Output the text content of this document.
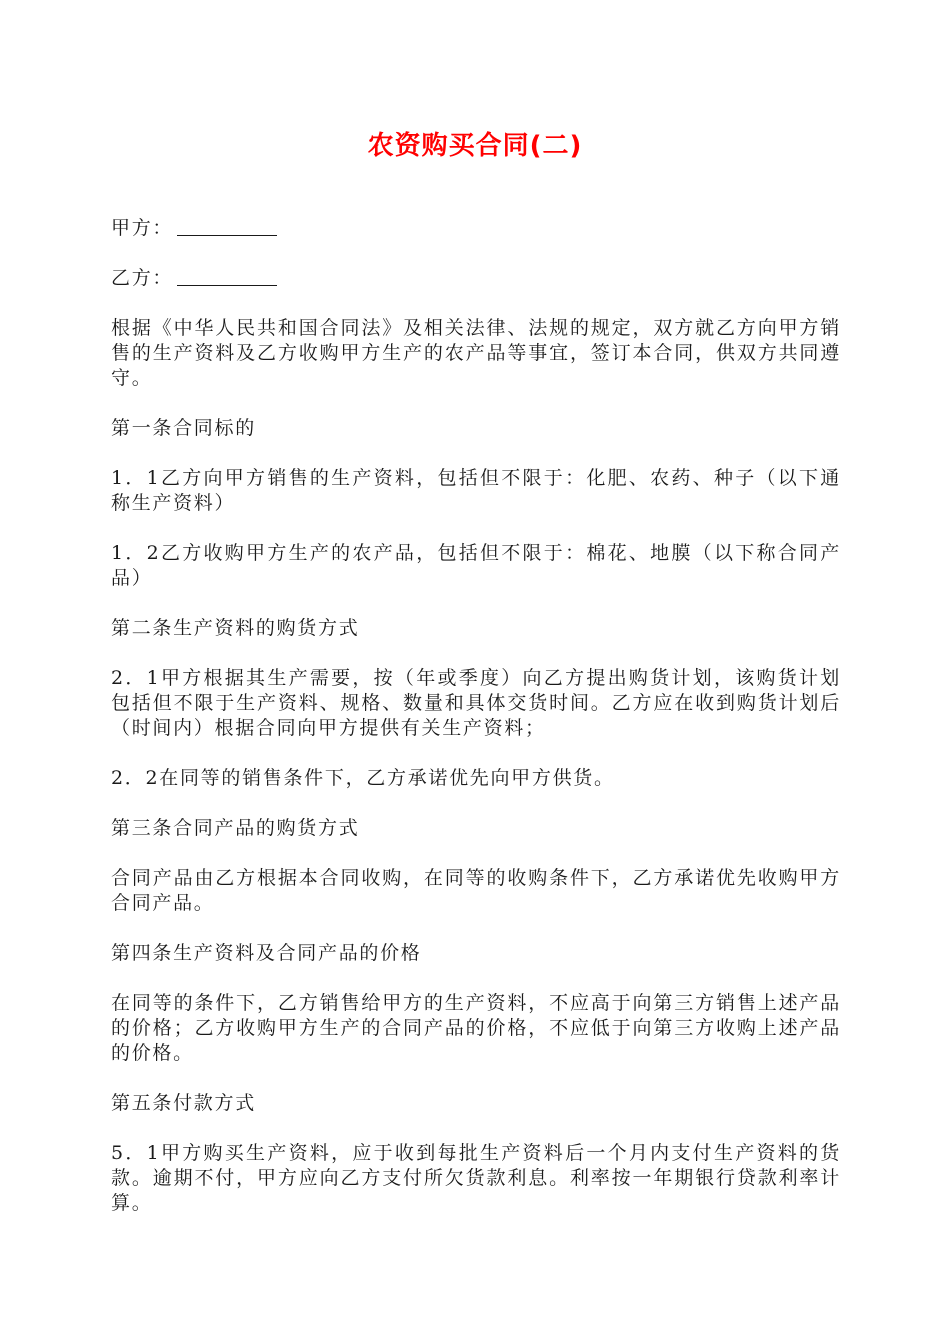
农资购买合同(二)
甲方：
乙方：

根据《中华人民共和国合同法》及相关法律、法规的规定，双方就乙方向甲方销售的生产资料及乙方收购甲方生产的农产品等事宜，签订本合同，供双方共同遵守。

第一条合同标的

1．1乙方向甲方销售的生产资料，包括但不限于：化肥、农药、种子（以下通称生产资料）

1．2乙方收购甲方生产的农产品，包括但不限于：棉花、地膜（以下称合同产品）

第二条生产资料的购货方式

2．1甲方根据其生产需要，按（年或季度）向乙方提出购货计划，该购货计划包括但不限于生产资料、规格、数量和具体交货时间。乙方应在收到购货计划后（时间内）根据合同向甲方提供有关生产资料；

2．2在同等的销售条件下，乙方承诺优先向甲方供货。

第三条合同产品的购货方式

合同产品由乙方根据本合同收购，在同等的收购条件下，乙方承诺优先收购甲方合同产品。

第四条生产资料及合同产品的价格

在同等的条件下，乙方销售给甲方的生产资料，不应高于向第三方销售上述产品的价格；乙方收购甲方生产的合同产品的价格，不应低于向第三方收购上述产品的价格。

第五条付款方式

5．1甲方购买生产资料，应于收到每批生产资料后一个月内支付生产资料的货款。逾期不付，甲方应向乙方支付所欠货款利息。利率按一年期银行贷款利率计算。
